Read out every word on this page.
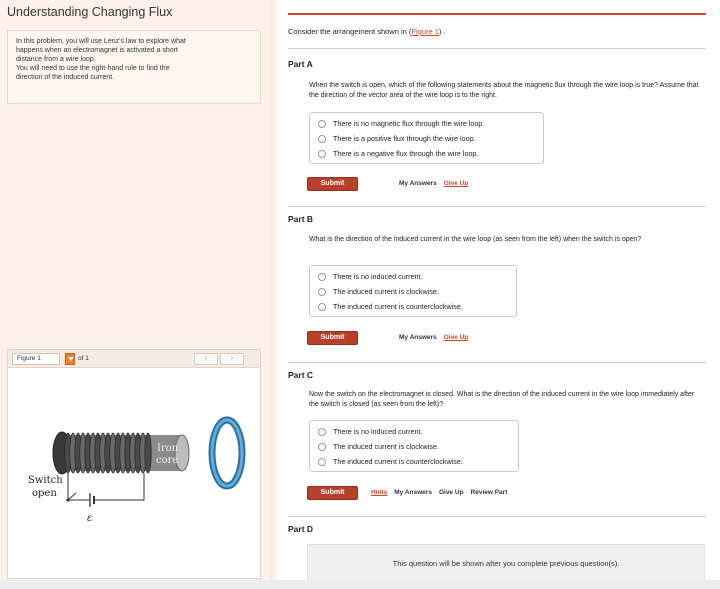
Understanding Changing Flux

In this problem, you will use Lenz's law to explore what

happens when an electromagnet is activated a short

distance from a wire loop.

You will need to use the right-hand rule to find the

direction of the induced current.

Figure 1	of 1	‹	›
Iron
core
Switch
open
ε
Consider the arrangement shown in (Figure 1) .
Part A
When the switch is open, which of the following statements about the magnetic flux through the wire loop is true? Assume that the direction of the vector area of the wire loop is to the right.
There is no magnetic flux through the wire loop.
There is a positive flux through the wire loop.
There is a negative flux through the wire loop.
Submit	My Answers Give Up
Part B
What is the direction of the induced current in the wire loop (as seen from the left) when the switch is open?
There is no induced current.
The induced current is clockwise.
The induced current is counterclockwise.
Submit	My Answers Give Up
Part C
Now the switch on the electromagnet is closed. What is the direction of the induced current in the wire loop immediately after the switch is closed (as seen from the left)?
There is no induced current.
The induced current is clockwise.
The induced current is counterclockwise.
Submit	Hints My Answers Give Up Review Part
Part D
This question will be shown after you complete previous question(s).
